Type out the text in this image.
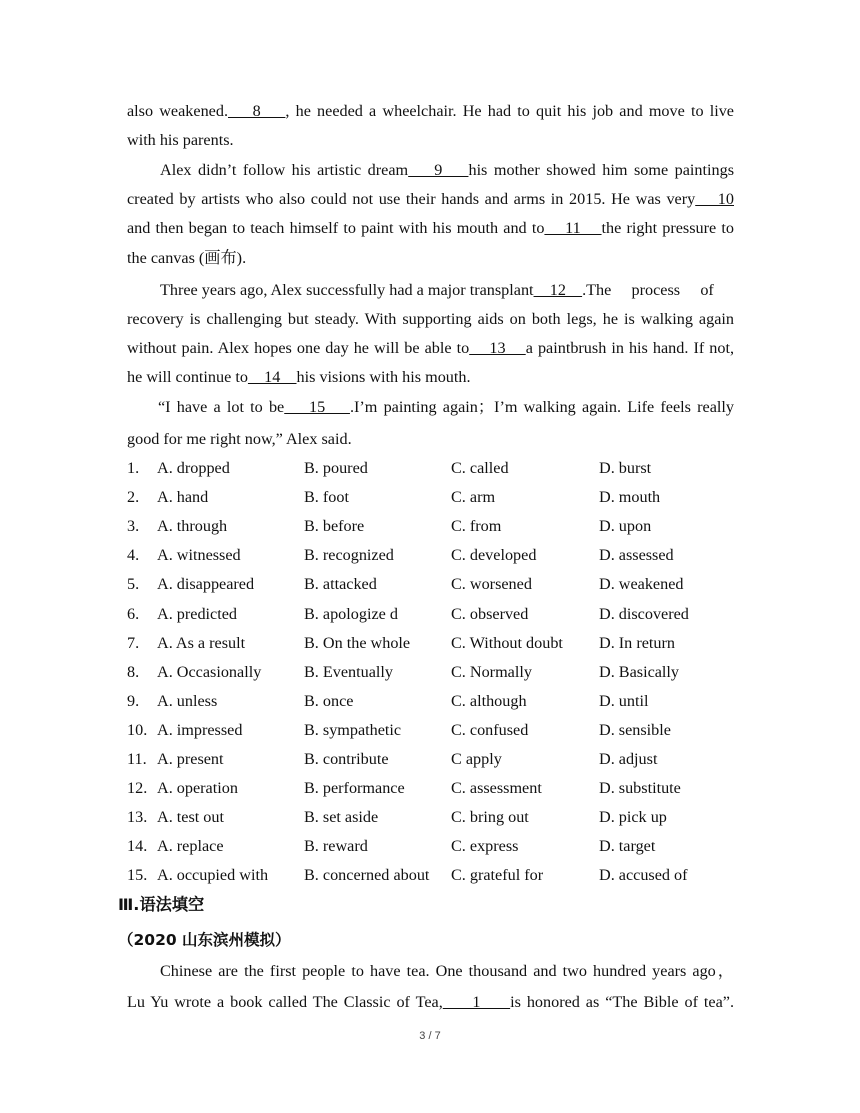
also weakened.    8    , he needed a wheelchair. He had to quit his job and move to live
with his parents.
Alex didn’t follow his artistic dream    9    his mother showed him some paintings
created by artists who also could not use their hands and arms in 2015. He was very    10
and then began to teach himself to paint with his mouth and to    11    the right pressure to
the canvas (画布).
Three years ago, Alex successfully had a major transplant    12    .The     process     of
recovery is challenging but steady. With supporting aids on both legs, he is walking again
without pain. Alex hopes one day he will be able to    13    a paintbrush in his hand. If not,
he will continue to    14    his visions with his mouth.
“I have a lot to be    15    .I’m painting again；I’m walking again. Life feels really
good for me right now,” Alex said.
1. A. dropped	B. poured	C. called	D. burst
2. A. hand	B. foot	C. arm	D. mouth
3. A. through	B. before	C. from	D. upon
4. A. witnessed	B. recognized	C. developed	D. assessed
5. A. disappeared	B. attacked	C. worsened	D. weakened
6. A. predicted	B. apologize d	C. observed	D. discovered
7. A. As a result	B. On the whole	C. Without doubt D. In return
8. A. Occasionally	B. Eventually	C. Normally	D. Basically
9. A. unless	B. once	C. although	D. until
10. A. impressed	B. sympathetic	C. confused	D. sensible
11. A. present	B. contribute	C apply	D. adjust
12. A. operation	B. performance	C. assessment	D. substitute
13. A. test out	B. set aside	C. bring out	D. pick up
14. A. replace	B. reward	C. express	D. target
15. A. occupied with B. concerned about C. grateful for	D. accused of
Ⅲ.语法填空
（2020 山东滨州模拟）
Chinese are the first people to have tea. One thousand and two hundred years ago，
Lu Yu wrote a book called The Classic of Tea,     1     is honored as “The Bible of tea”.
3 / 7
